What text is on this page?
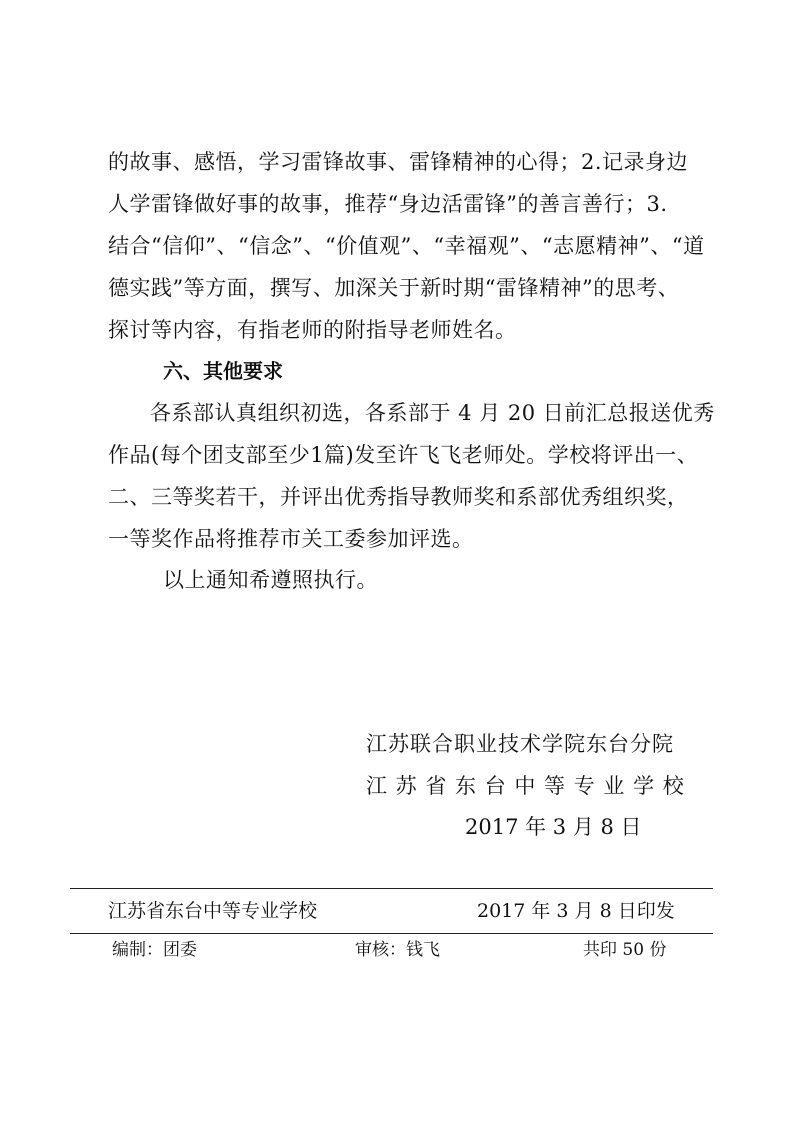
的故事、感悟，学习雷锋故事、雷锋精神的心得；2.记录身边
人学雷锋做好事的故事，推荐“身边活雷锋”的善言善行；3.
结合“信仰”、“信念”、“价值观”、“幸福观”、“志愿精神”、“道
德实践”等方面，撰写、加深关于新时期“雷锋精神”的思考、
探讨等内容，有指老师的附指导老师姓名。
六、其他要求
各系部认真组织初选，各系部于 4 月 20 日前汇总报送优秀
作品(每个团支部至少1篇)发至许飞飞老师处。学校将评出一、
二、三等奖若干，并评出优秀指导教师奖和系部优秀组织奖，
一等奖作品将推荐市关工委参加评选。
以上通知希遵照执行。
江苏联合职业技术学院东台分院
江 苏 省 东 台 中 等 专 业 学 校
2017 年 3 月 8 日
江苏省东台中等专业学校	2017 年 3 月 8 日印发
编制：团委	审核：钱飞	共印 50 份
